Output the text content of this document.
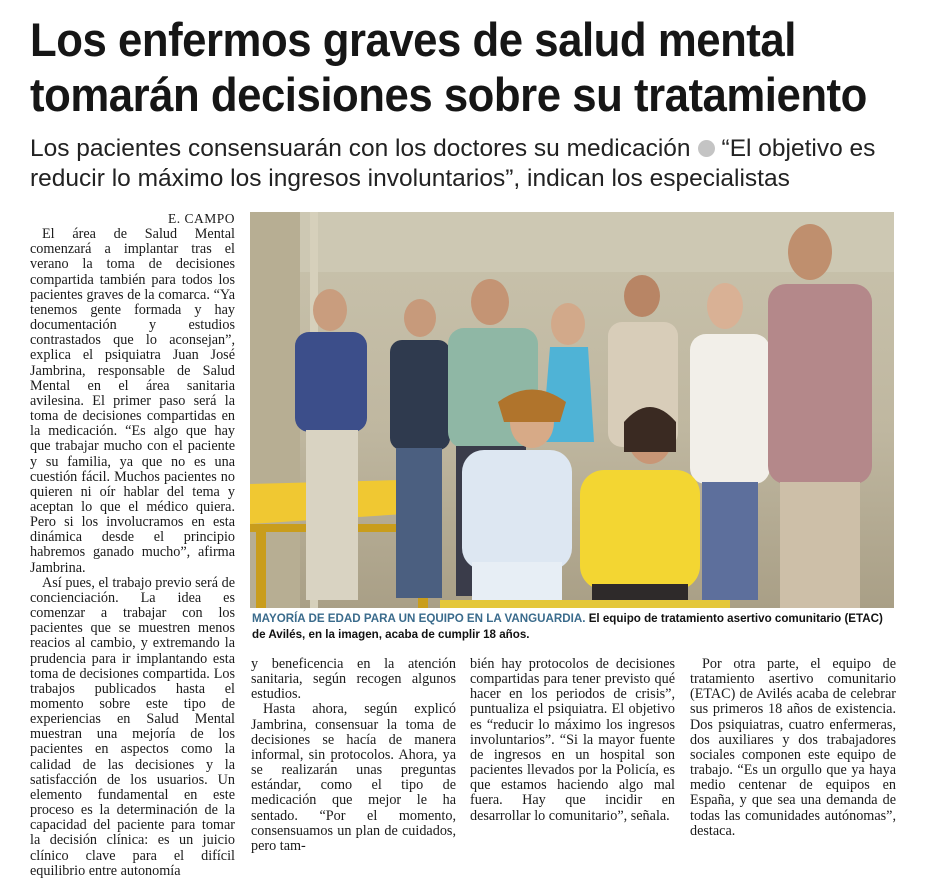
Los enfermos graves de salud mental
tomarán decisiones sobre su tratamiento
Los pacientes consensuarán con los doctores su medicación “El objetivo es reducir lo máximo los ingresos involuntarios”, indican los especialistas
E. CAMPO

El área de Salud Mental comenzará a implantar tras el verano la toma de decisiones compartida también para todos los pacientes graves de la comarca. “Ya tenemos gente formada y hay documentación y estudios contrastados que lo aconsejan”, explica el psiquiatra Juan José Jambrina, responsable de Salud Mental en el área sanitaria avilesina. El primer paso será la toma de decisiones compartidas en la medicación. “Es algo que hay que trabajar mucho con el paciente y su familia, ya que no es una cuestión fácil. Muchos pacientes no quieren ni oír hablar del tema y aceptan lo que el médico quiera. Pero si los involucramos en esta dinámica desde el principio habremos ganado mucho”, afirma Jambrina.

Así pues, el trabajo previo será de concienciación. La idea es comenzar a trabajar con los pacientes que se muestren menos reacios al cambio, y extremando la prudencia para ir implantando esta toma de decisiones compartida. Los trabajos publicados hasta el momento sobre este tipo de experiencias en Salud Mental muestran una mejoría de los pacientes en aspectos como la calidad de las decisiones y la satisfacción de los usuarios. Un elemento fundamental en este proceso es la determinación de la capacidad del paciente para tomar la decisión clínica: es un juicio clínico clave para el difícil equilibrio entre autonomía

MAYORÍA DE EDAD PARA UN EQUIPO EN LA VANGUARDIA. El equipo de tratamiento asertivo comunitario (ETAC) de Avilés, en la imagen, acaba de cumplir 18 años.

y beneficencia en la atención sanitaria, según recogen algunos estudios.

Hasta ahora, según explicó Jambrina, consensuar la toma de decisiones se hacía de manera informal, sin protocolos. Ahora, ya se realizarán unas preguntas estándar, como el tipo de medicación que mejor le ha sentado. “Por el momento, consensuamos un plan de cuidados, pero tam-

bién hay protocolos de decisiones compartidas para tener previsto qué hacer en los periodos de crisis”, puntualiza el psiquiatra. El objetivo es “reducir lo máximo los ingresos involuntarios”. “Si la mayor fuente de ingresos en un hospital son pacientes llevados por la Policía, es que estamos haciendo algo mal fuera. Hay que incidir en desarrollar lo comunitario”, señala.

Por otra parte, el equipo de tratamiento asertivo comunitario (ETAC) de Avilés acaba de celebrar sus primeros 18 años de existencia. Dos psiquiatras, cuatro enfermeras, dos auxiliares y dos trabajadores sociales componen este equipo de trabajo. “Es un orgullo que ya haya medio centenar de equipos en España, y que sea una demanda de todas las comunidades autónomas”, destaca.
